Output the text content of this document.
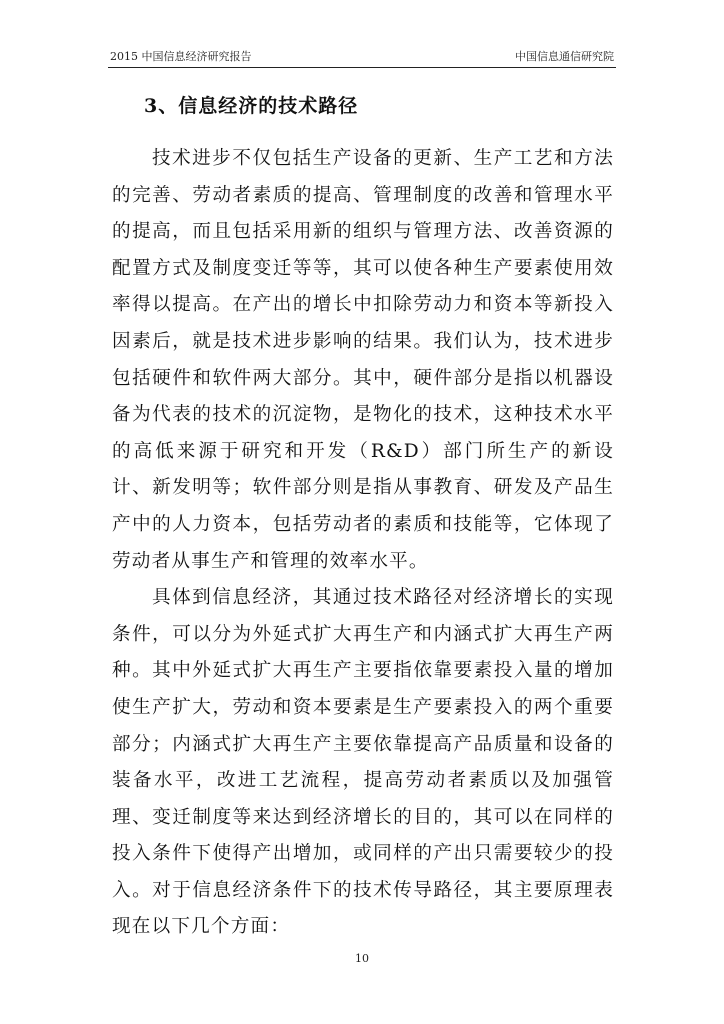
2015 中国信息经济研究报告	中国信息通信研究院
3、信息经济的技术路径

技术进步不仅包括生产设备的更新、生产工艺和方法的完善、劳动者素质的提高、管理制度的改善和管理水平的提高，而且包括采用新的组织与管理方法、改善资源的配置方式及制度变迁等等，其可以使各种生产要素使用效率得以提高。在产出的增长中扣除劳动力和资本等新投入因素后，就是技术进步影响的结果。我们认为，技术进步包括硬件和软件两大部分。其中，硬件部分是指以机器设备为代表的技术的沉淀物，是物化的技术，这种技术水平的高低来源于研究和开发（R&D）部门所生产的新设计、新发明等；软件部分则是指从事教育、研发及产品生产中的人力资本，包括劳动者的素质和技能等，它体现了劳动者从事生产和管理的效率水平。

具体到信息经济，其通过技术路径对经济增长的实现条件，可以分为外延式扩大再生产和内涵式扩大再生产两种。其中外延式扩大再生产主要指依靠要素投入量的增加使生产扩大，劳动和资本要素是生产要素投入的两个重要部分；内涵式扩大再生产主要依靠提高产品质量和设备的装备水平，改进工艺流程，提高劳动者素质以及加强管理、变迁制度等来达到经济增长的目的，其可以在同样的投入条件下使得产出增加，或同样的产出只需要较少的投入。对于信息经济条件下的技术传导路径，其主要原理表现在以下几个方面：

10
